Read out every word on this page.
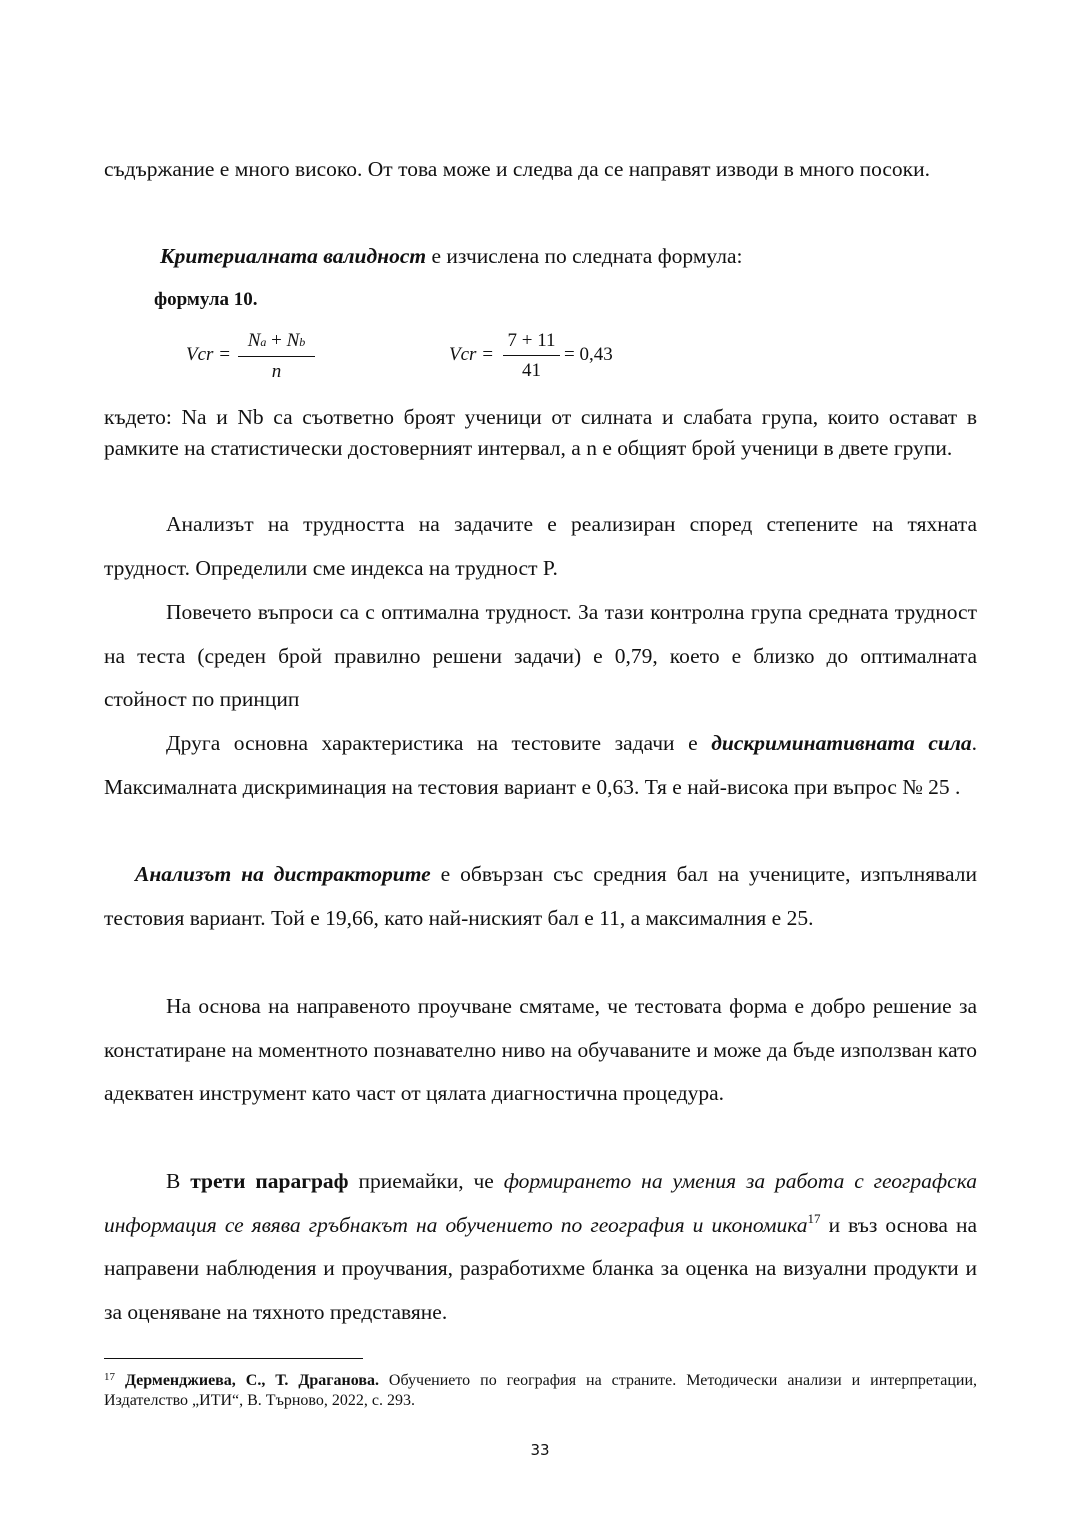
съдържание е много високо. От това може и следва да се направят изводи в много посоки.

Критериалната валидност е изчислена по следната формула:

формула 10.
Vcr = $\frac{Na + Nb}{n}$	Vcr = $\frac{7 + 11}{41} = 0,43$

където: Na и Nb са съответно броят ученици от силната и слабата група, които остават в рамките на статистически достоверният интервал, а n е общият брой ученици в двете групи.

Анализът на трудността на задачите е реализиран според степените на тяхната трудност. Определили сме индекса на трудност P.

Повечето въпроси са с оптимална трудност. За тази контролна група средната трудност на теста (среден брой правилно решени задачи) е 0,79, което е близко до оптималната стойност по принцип

Друга основна характеристика на тестовите задачи е дискриминативната сила. Максималната дискриминация на тестовия вариант е 0,63. Тя е най-висока при въпрос № 25 .

Анализът на дистракторите е обвързан със средния бал на учениците, изпълнявали тестовия вариант. Той е 19,66, като най-ниският бал е 11, а максималния е 25.

На основа на направеното проучване смятаме, че тестовата форма е добро решение за констатиране на моментното познавателно ниво на обучаваните и може да бъде използван като адекватен инструмент като част от цялата диагностична процедура.

В трети параграф приемайки, че формирането на умения за работа с географска информация се явява гръбнакът на обучението по география и икономика$^{17}$ и въз основа на направени наблюдения и проучвания, разработихме бланка за оценка на визуални продукти и за оценяване на тяхното представяне.

$^{17}$ Дерменджиева, С., Т. Драганова. Обучението по география на страните. Методически анализи и интерпретации, Издателство „ИТИ“, В. Търново, 2022, с. 293.

33
